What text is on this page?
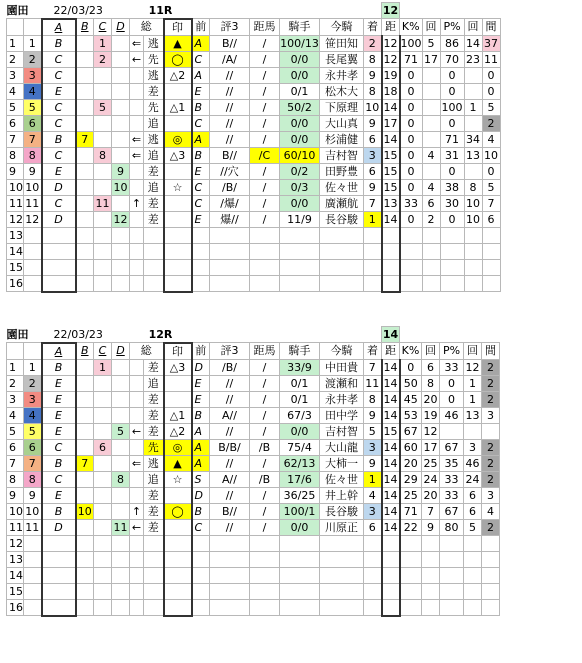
園田		22/03/23				11R									12					
		A	B	C	D	総		印	前	評3	距馬	騎手	今騎	着	距	K%	回	P%	回	間
1	1	B		1		⇐	逃	▲	A	B//	/	100/13	笹田知	2	12	100	5	86	14	37
2	2	C		2		←	先	◯	C	/A/	/	0/0	長尾翼	8	12	71	17	70	23	11
3	3	C					逃	△2	A	//	/	0/0	永井孝	9	19	0		0		0
4	4	E					差		E	//	/	0/1	松木大	8	18	0		0		0
5	5	C		5			先	△1	B	//	/	50/2	下原理	10	14	0		100	1	5
6	6	C					追		C	//	/	0/0	大山真	9	17	0		0		2
7	7	B	7			⇐	逃	◎	A	//	/	0/0	杉浦健	6	14	0		71	34	4
8	8	C		8		⇐	追	△3	B	B//	/C	60/10	吉村智	3	15	0	4	31	13	10
9	9	E			9		差		E	//穴	/	0/2	田野豊	6	15	0		0		0
10	10	D			10		追	☆	C	/B/	/	0/3	佐々世	9	15	0	4	38	8	5
11	11	C		11		↑	差		C	/爆/	/	0/0	廣瀬航	7	13	33	6	30	10	7
12	12	D			12		差		E	爆//	/	11/9	長谷駿	1	14	0	2	0	10	6
13																				
14																				
15																				
16																				
園田		22/03/23				12R									14					
		A	B	C	D	総		印	前	評3	距馬	騎手	今騎	着	距	K%	回	P%	回	間
1	1	B		1			差	△3	D	/B/	/	33/9	中田貴	7	14	0	6	33	12	2
2	2	E					追		E	//	/	0/1	渡瀬和	11	14	50	8	0	1	2
3	3	E					差		E	//	/	0/1	永井孝	8	14	45	20	0	1	2
4	4	E					差	△1	B	A//	/	67/3	田中学	9	14	53	19	46	13	3
5	5	E			5	←	差	△2	A	//	/	0/0	吉村智	5	15	67	12			
6	6	C		6			先	◎	A	B/B/	/B	75/4	大山龍	3	14	60	17	67	3	2
7	7	B	7			⇐	逃	▲	A	//	/	62/13	大柿一	9	14	20	25	35	46	2
8	8	C			8		追	☆	S	A//	/B	17/6	佐々世	1	14	29	24	33	24	2
9	9	E					差		D	//	/	36/25	井上幹	4	14	25	20	33	6	3
10	10	B	10			↑	差	◯	B	B//	/	100/1	長谷駿	3	14	71	7	67	6	4
11	11	D			11	←	差		C	//	/	0/0	川原正	6	14	22	9	80	5	2
12																				
13																				
14																				
15																				
16																				
